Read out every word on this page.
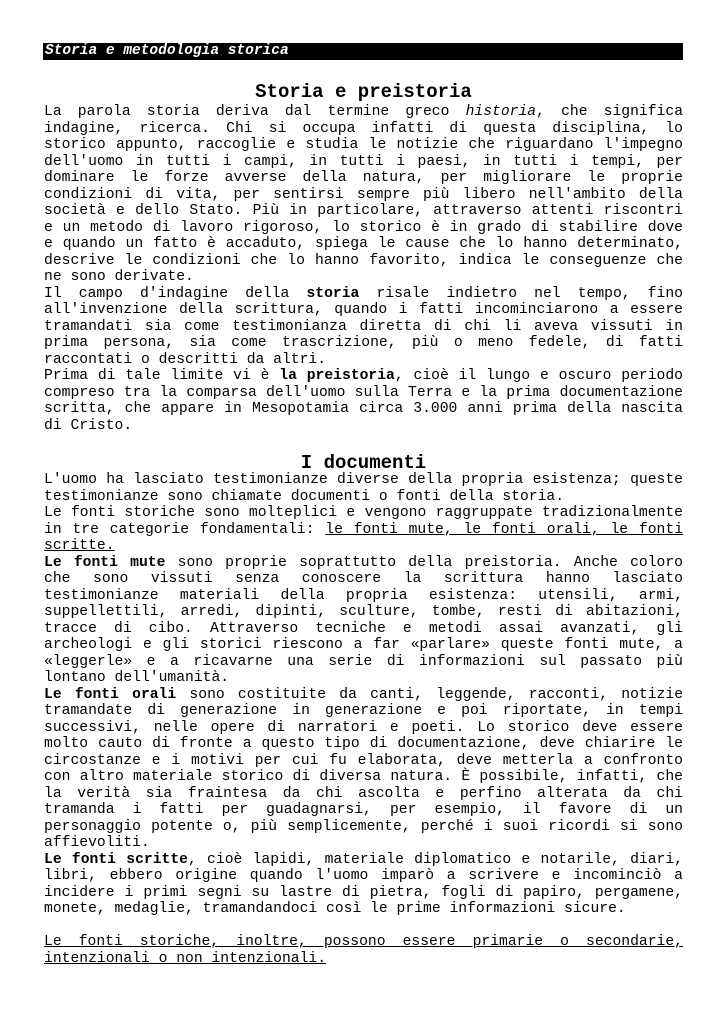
Storia e metodologia storica
Storia e preistoria

La parola storia deriva dal termine greco historia, che significa indagine, ricerca. Chi si occupa infatti di questa disciplina, lo storico appunto, raccoglie e studia le notizie che riguardano l'impegno dell'uomo in tutti i campi, in tutti i paesi, in tutti i tempi, per dominare le forze avverse della natura, per migliorare le proprie condizioni di vita, per sentirsi sempre più libero nell'ambito della società e dello Stato. Più in particolare, attraverso attenti riscontri e un metodo di lavoro rigoroso, lo storico è in grado di stabilire dove e quando un fatto è accaduto, spiega le cause che lo hanno determinato, descrive le condizioni che lo hanno favorito, indica le conseguenze che ne sono derivate.

Il campo d'indagine della storia risale indietro nel tempo, fino all'invenzione della scrittura, quando i fatti incominciarono a essere tramandati sia come testimonianza diretta di chi li aveva vissuti in prima persona, sia come trascrizione, più o meno fedele, di fatti raccontati o descritti da altri.

Prima di tale limite vi è la preistoria, cioè il lungo e oscuro periodo compreso tra la comparsa dell'uomo sulla Terra e la prima documentazione scritta, che appare in Mesopotamia circa 3.000 anni prima della nascita di Cristo.

I documenti

L'uomo ha lasciato testimonianze diverse della propria esistenza; queste testimonianze sono chiamate documenti o fonti della storia.

Le fonti storiche sono molteplici e vengono raggruppate tradizionalmente in tre categorie fondamentali: le fonti mute, le fonti orali, le fonti scritte.

Le fonti mute sono proprie soprattutto della preistoria. Anche coloro che sono vissuti senza conoscere la scrittura hanno lasciato testimonianze materiali della propria esistenza: utensili, armi, suppellettili, arredi, dipinti, sculture, tombe, resti di abitazioni, tracce di cibo. Attraverso tecniche e metodi assai avanzati, gli archeologi e gli storici riescono a far «parlare» queste fonti mute, a «leggerle» e a ricavarne una serie di informazioni sul passato più lontano dell'umanità.

Le fonti orali sono costituite da canti, leggende, racconti, notizie tramandate di generazione in generazione e poi riportate, in tempi successivi, nelle opere di narratori e poeti. Lo storico deve essere molto cauto di fronte a questo tipo di documentazione, deve chiarire le circostanze e i motivi per cui fu elaborata, deve metterla a confronto con altro materiale storico di diversa natura. È possibile, infatti, che la verità sia fraintesa da chi ascolta e perfino alterata da chi tramanda i fatti per guadagnarsi, per esempio, il favore di un personaggio potente o, più semplicemente, perché i suoi ricordi si sono affievoliti.

Le fonti scritte, cioè lapidi, materiale diplomatico e notarile, diari, libri, ebbero origine quando l'uomo imparò a scrivere e incominciò a incidere i primi segni su lastre di pietra, fogli di papiro, pergamene, monete, medaglie, tramandandoci così le prime informazioni sicure.

Le fonti storiche, inoltre, possono essere primarie o secondarie, intenzionali o non intenzionali.
